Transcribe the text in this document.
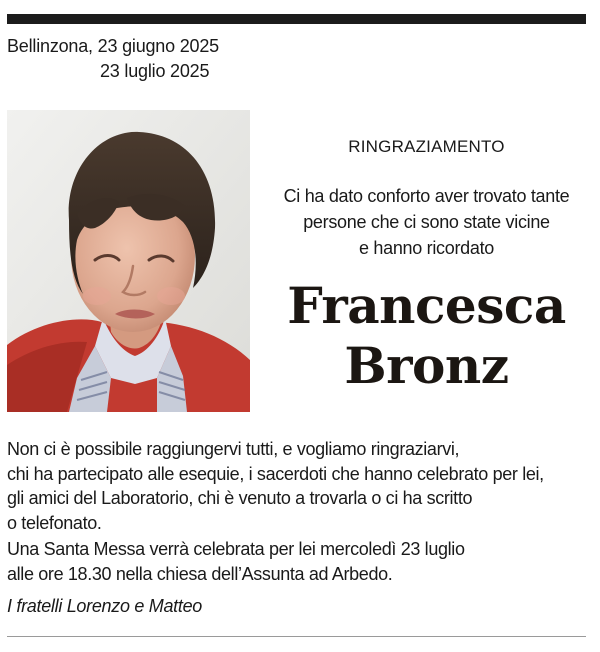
Bellinzona, 23 giugno 2025
23 luglio 2025
RINGRAZIAMENTO
Ci ha dato conforto aver trovato tante
persone che ci sono state vicine
e hanno ricordato
Francesca
Bronz
Non ci è possibile raggiungervi tutti, e vogliamo ringraziarvi,
chi ha partecipato alle esequie, i sacerdoti che hanno celebrato per lei,
gli amici del Laboratorio, chi è venuto a trovarla o ci ha scritto
o telefonato.
Una Santa Messa verrà celebrata per lei mercoledì 23 luglio
alle ore 18.30 nella chiesa dell’Assunta ad Arbedo.
I fratelli Lorenzo e Matteo
